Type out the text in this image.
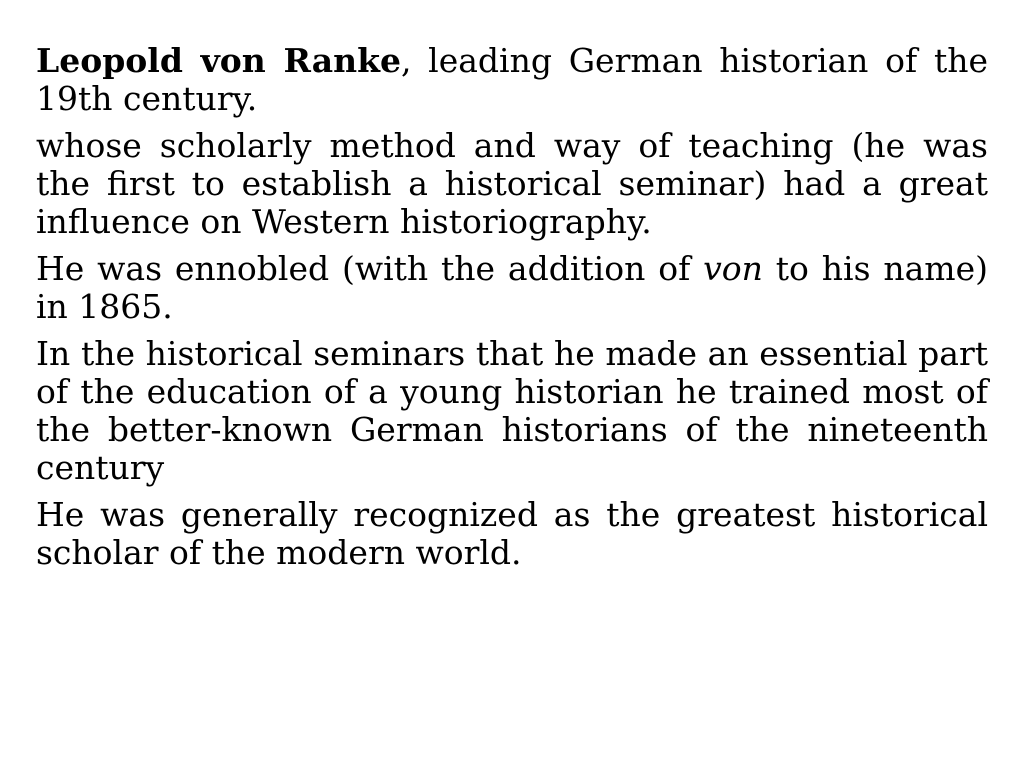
Leopold von Ranke, leading German historian of the 19th century.

whose scholarly method and way of teaching (he was the first to establish a historical seminar) had a great influence on Western historiography.

He was ennobled (with the addition of von to his name) in 1865.

In the historical seminars that he made an essential part of the education of a young historian he trained most of the better-known German historians of the nineteenth century

He was generally recognized as the greatest historical scholar of the modern world.
